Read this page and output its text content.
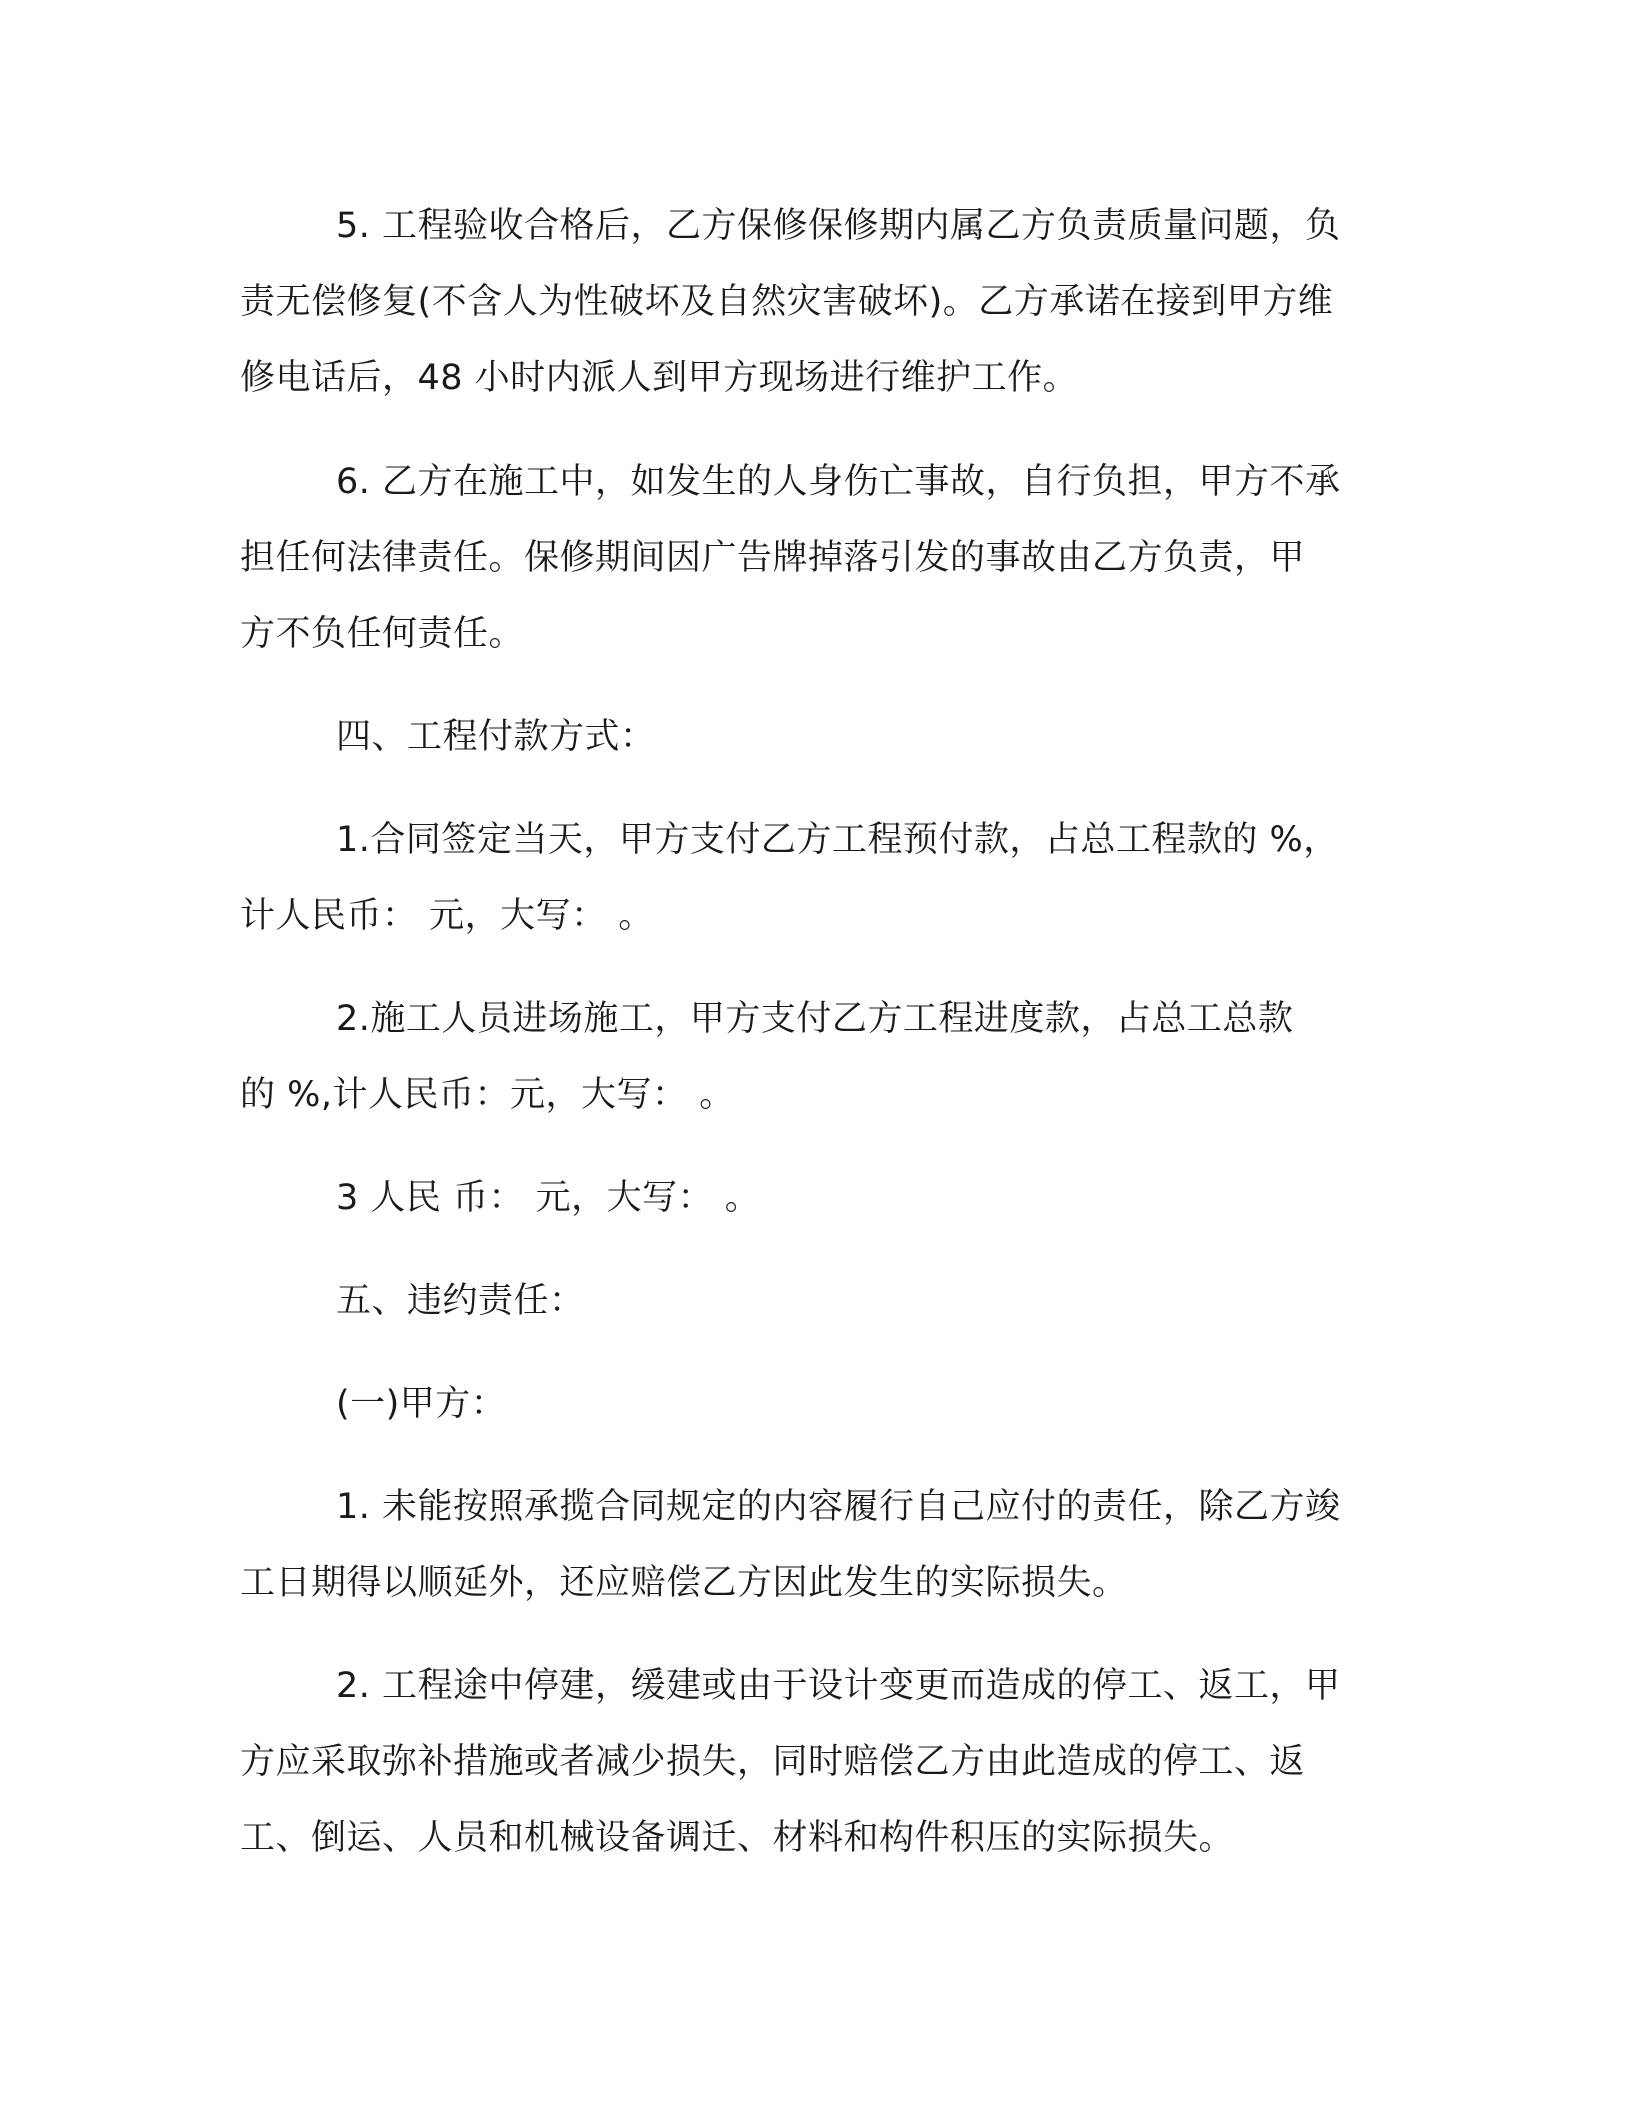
5. 工程验收合格后，乙方保修保修期内属乙方负责质量问题，负
责无偿修复(不含人为性破坏及自然灾害破坏)。乙方承诺在接到甲方维
修电话后，48 小时内派人到甲方现场进行维护工作。

6. 乙方在施工中，如发生的人身伤亡事故，自行负担，甲方不承
担任何法律责任。保修期间因广告牌掉落引发的事故由乙方负责，甲
方不负任何责任。

四、工程付款方式：

1.合同签定当天，甲方支付乙方工程预付款，占总工程款的 %，
计人民币： 元，大写： 。

2.施工人员进场施工，甲方支付乙方工程进度款，占总工总款
的 %,计人民币：元，大写： 。

3 人民 币： 元，大写： 。

五、违约责任：

(一)甲方：

1. 未能按照承揽合同规定的内容履行自己应付的责任，除乙方竣
工日期得以顺延外，还应赔偿乙方因此发生的实际损失。

2. 工程途中停建，缓建或由于设计变更而造成的停工、返工，甲
方应采取弥补措施或者减少损失，同时赔偿乙方由此造成的停工、返
工、倒运、人员和机械设备调迁、材料和构件积压的实际损失。
